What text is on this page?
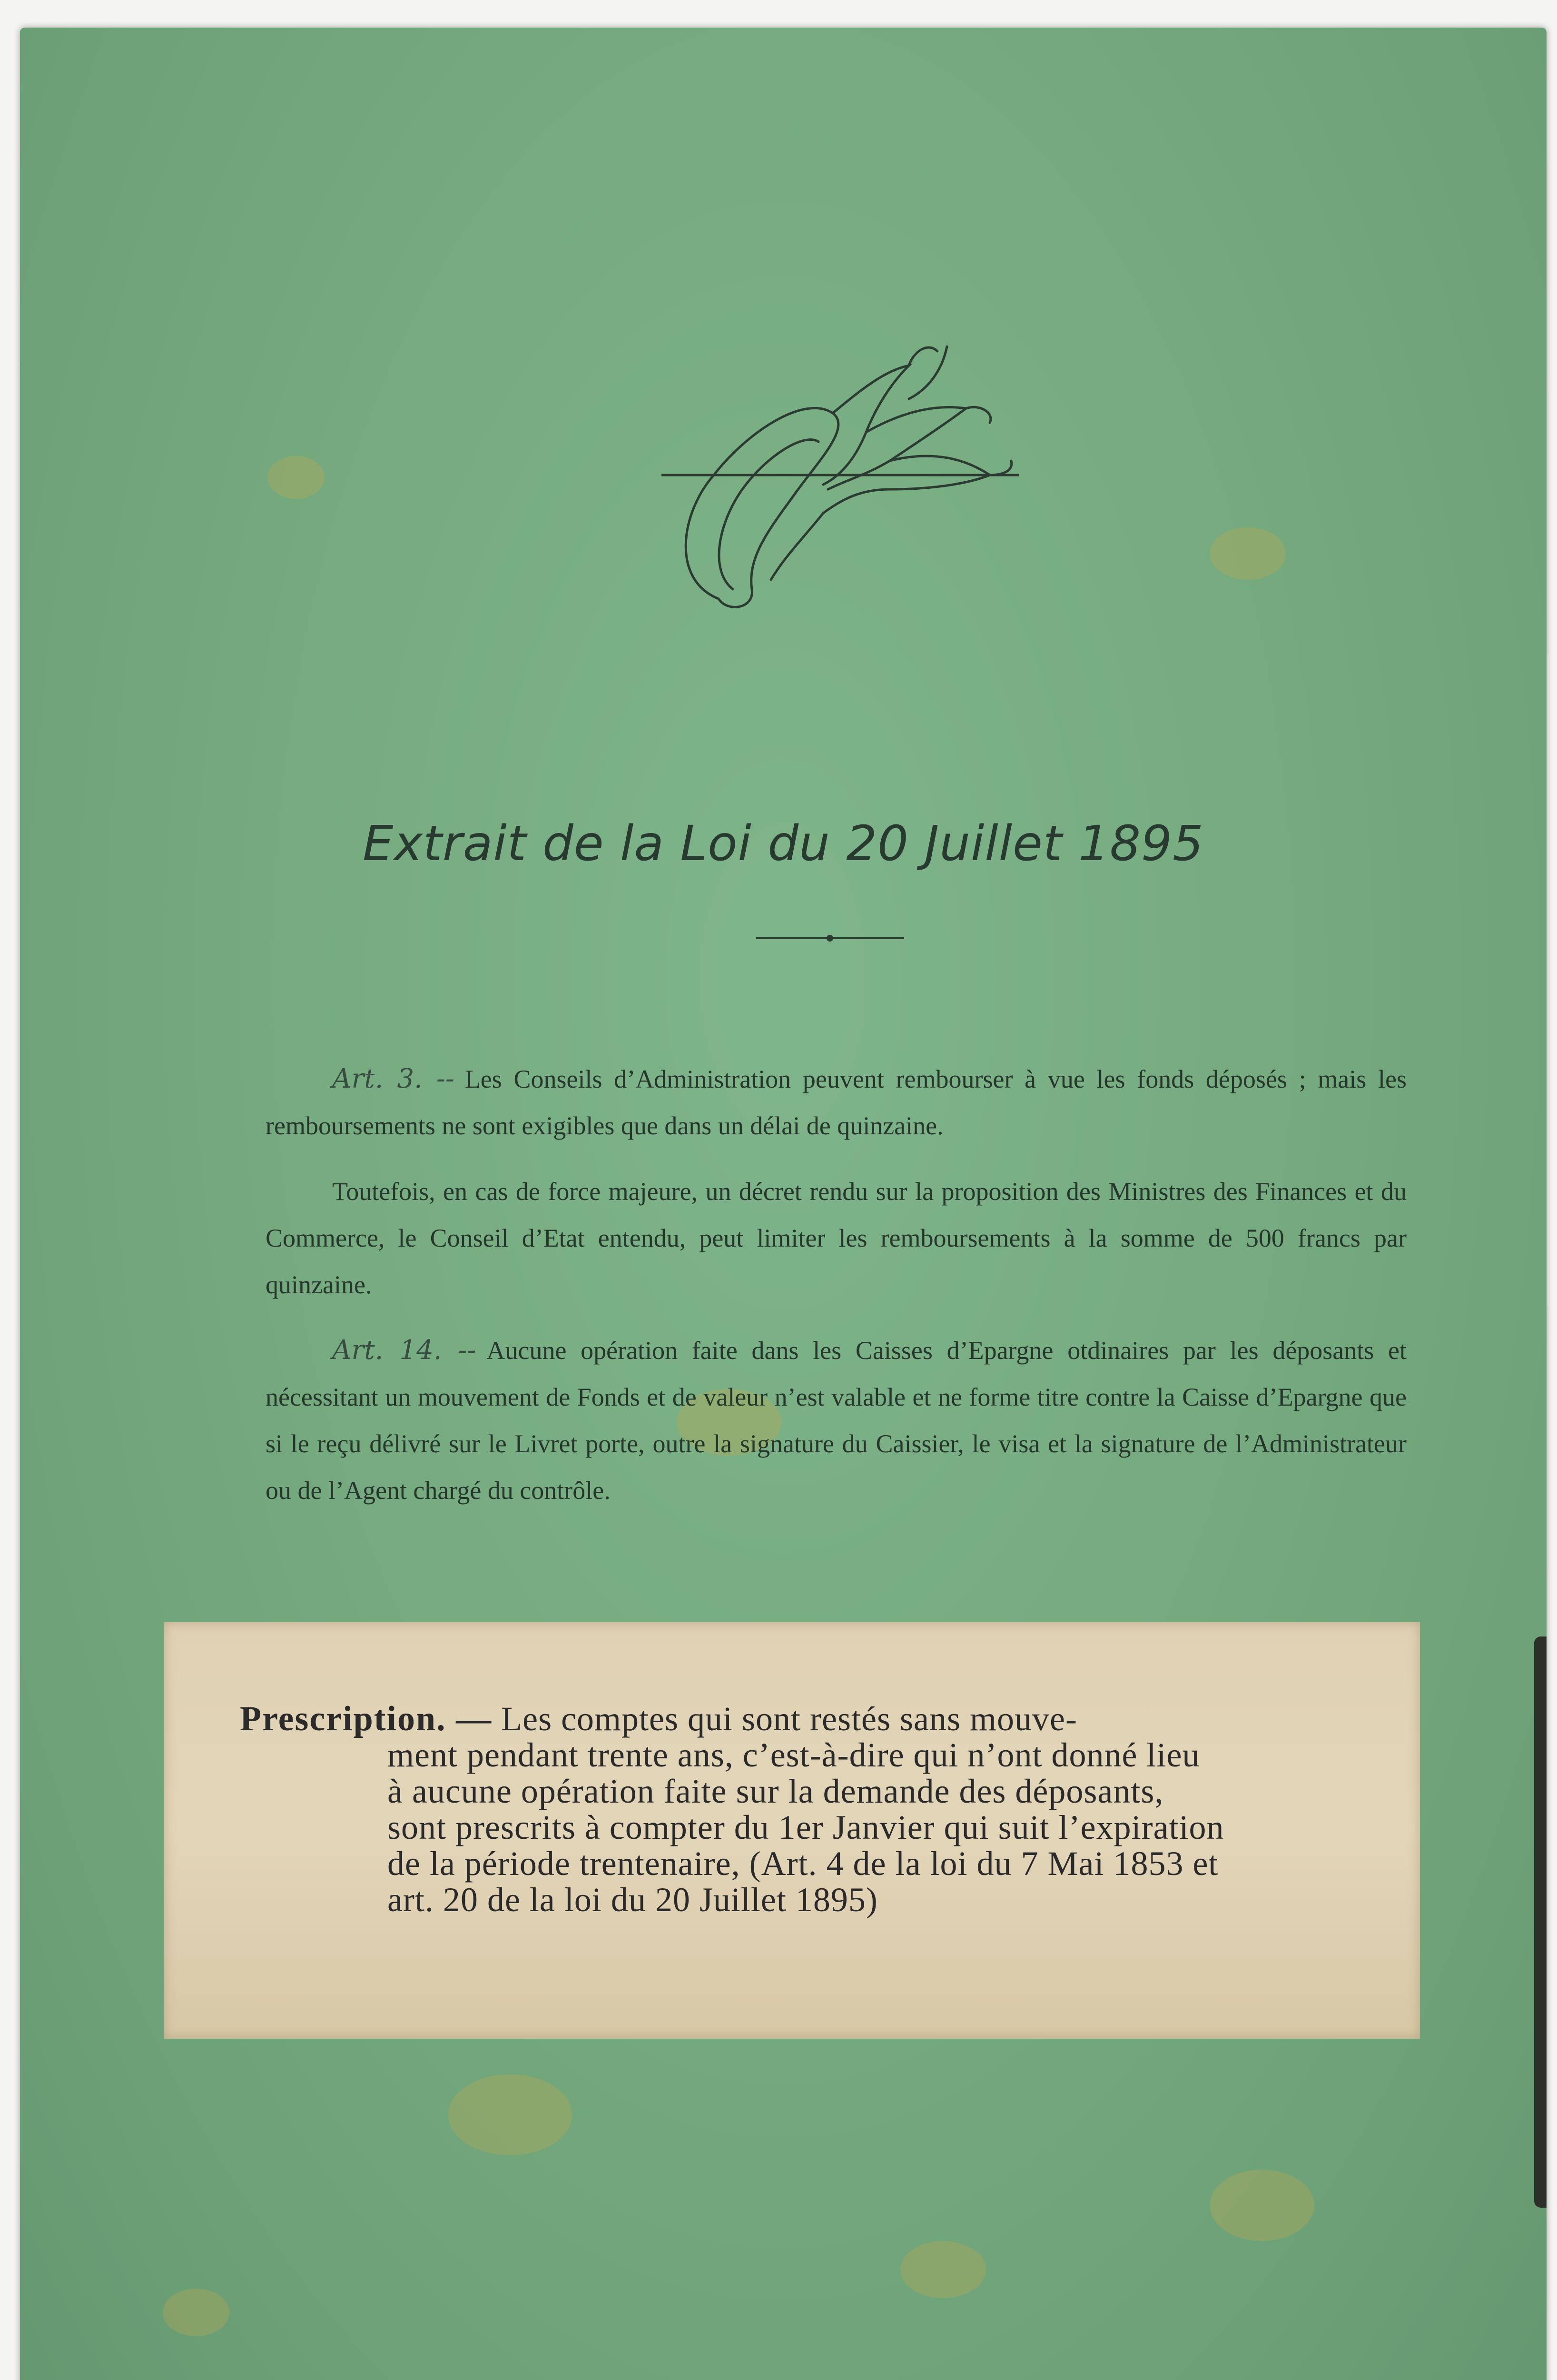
Extrait de la Loi du 20 Juillet 1895

Art. 3. -- Les Conseils d’Administration peuvent rembourser à vue les fonds déposés ; mais les remboursements ne sont exigibles que dans un délai de quinzaine.

Toutefois, en cas de force majeure, un décret rendu sur la proposition des Ministres des Finances et du Commerce, le Conseil d’Etat entendu, peut limiter les remboursements à la somme de 500 francs par quinzaine.

Art. 14. -- Aucune opération faite dans les Caisses d’Epargne otdinaires par les déposants et nécessitant un mouvement de Fonds et de valeur n’est valable et ne forme titre contre la Caisse d’Epargne que si le reçu délivré sur le Livret porte, outre la signature du Caissier, le visa et la signature de l’Administrateur ou de l’Agent chargé du contrôle.

Prescription. — Les comptes qui sont restés sans mouve-
ment pendant trente ans, c’est-à-dire qui n’ont donné lieu
à aucune opération faite sur la demande des déposants,
sont prescrits à compter du 1er Janvier qui suit l’expiration
de la période trentenaire, (Art. 4 de la loi du 7 Mai 1853 et
art. 20 de la loi du 20 Juillet 1895)
